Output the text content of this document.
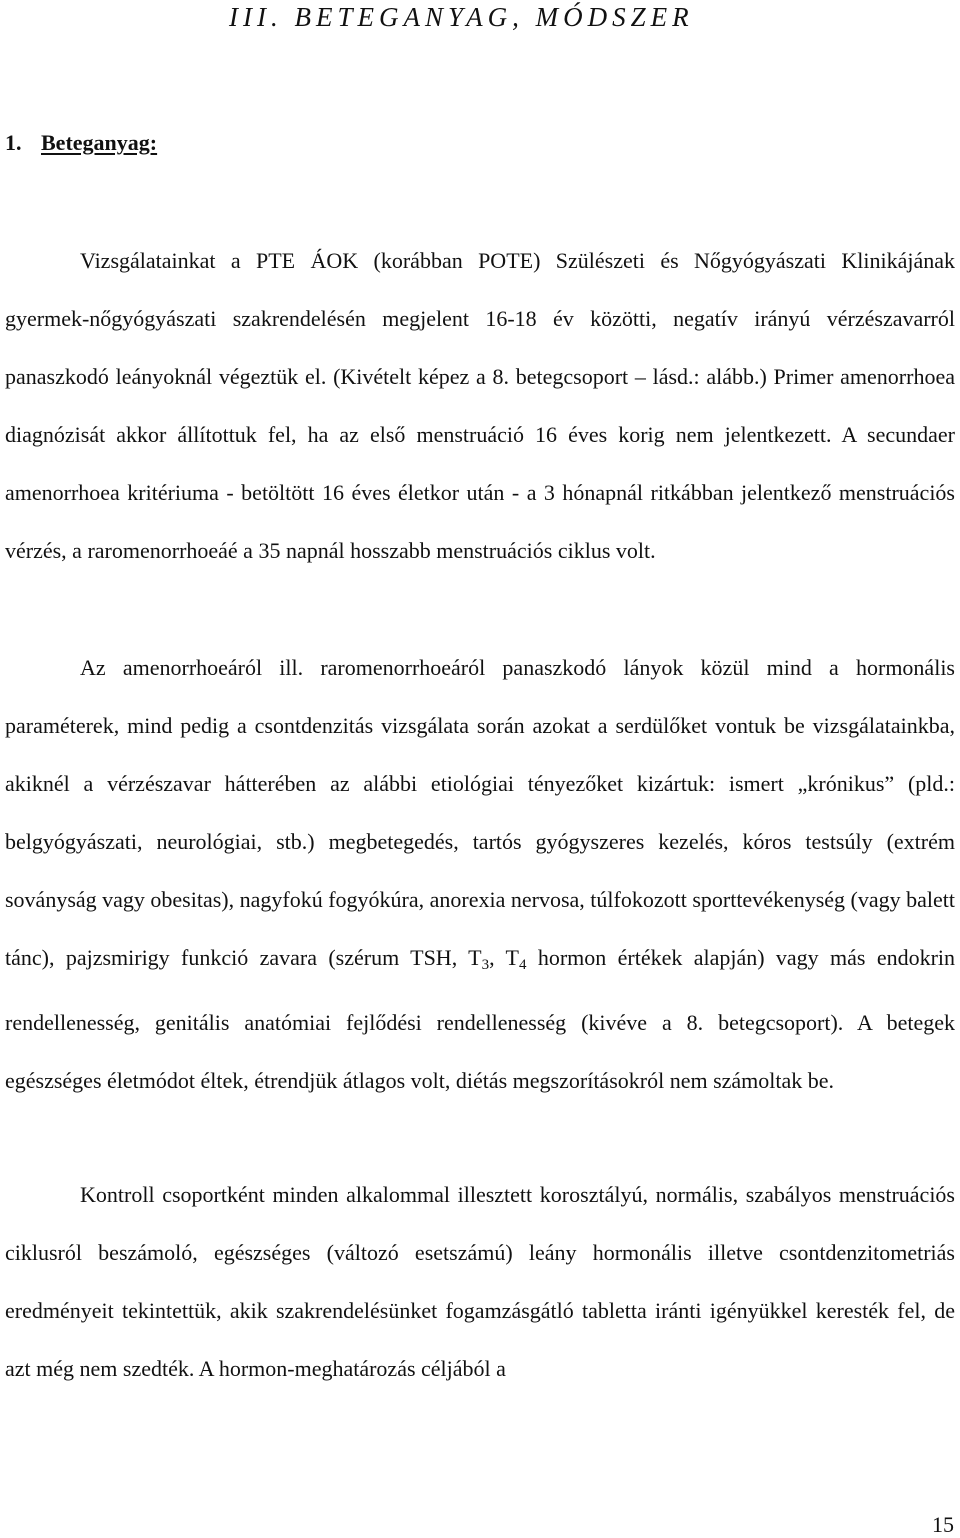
III. BETEGANYAG, MÓDSZER
1. Beteganyag:

Vizsgálatainkat a PTE ÁOK (korábban POTE) Szülészeti és Nőgyógyászati Klinikájának gyermek-nőgyógyászati szakrendelésén megjelent 16-18 év közötti, negatív irányú vérzészavarról panaszkodó leányoknál végeztük el. (Kivételt képez a 8. betegcsoport – lásd.: alább.) Primer amenorrhoea diagnózisát akkor állítottuk fel, ha az első menstruáció 16 éves korig nem jelentkezett. A secundaer amenorrhoea kritériuma - betöltött 16 éves életkor után - a 3 hónapnál ritkábban jelentkező menstruációs vérzés, a raromenorrhoeáé a 35 napnál hosszabb menstruációs ciklus volt.

Az amenorrhoeáról ill. raromenorrhoeáról panaszkodó lányok közül mind a hormonális paraméterek, mind pedig a csontdenzitás vizsgálata során azokat a serdülőket vontuk be vizsgálatainkba, akiknél a vérzészavar hátterében az alábbi etiológiai tényezőket kizártuk: ismert „krónikus” (pld.: belgyógyászati, neurológiai, stb.) megbetegedés, tartós gyógyszeres kezelés, kóros testsúly (extrém soványság vagy obesitas), nagyfokú fogyókúra, anorexia nervosa, túlfokozott sporttevékenység (vagy balett tánc), pajzsmirigy funkció zavara (szérum TSH, $T_3$, $T_4$ hormon értékek alapján) vagy más endokrin rendellenesség, genitális anatómiai fejlődési rendellenesség (kivéve a 8. betegcsoport). A betegek egészséges életmódot éltek, étrendjük átlagos volt, diétás megszorításokról nem számoltak be.

Kontroll csoportként minden alkalommal illesztett korosztályú, normális, szabályos menstruációs ciklusról beszámoló, egészséges (változó esetszámú) leány hormonális illetve csontdenzitometriás eredményeit tekintettük, akik szakrendelésünket fogamzásgátló tabletta iránti igényükkel keresték fel, de azt még nem szedték. A hormon-meghatározás céljából a

15
